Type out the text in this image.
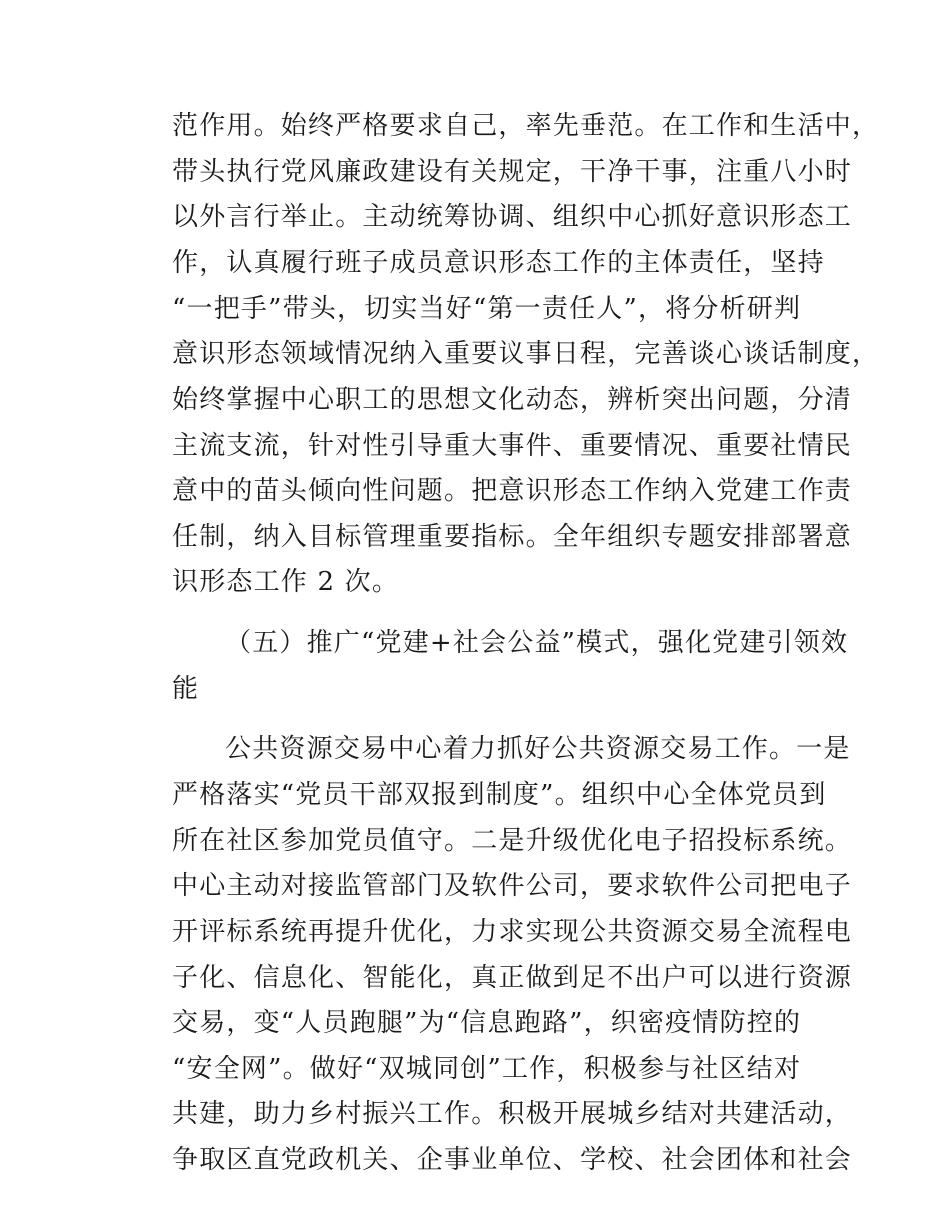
范作用。始终严格要求自己，率先垂范。在工作和生活中，
带头执行党风廉政建设有关规定，干净干事，注重八小时
以外言行举止。主动统筹协调、组织中心抓好意识形态工
作，认真履行班子成员意识形态工作的主体责任，坚持
“一把手”带头，切实当好“第一责任人”，将分析研判
意识形态领域情况纳入重要议事日程，完善谈心谈话制度，
始终掌握中心职工的思想文化动态，辨析突出问题，分清
主流支流，针对性引导重大事件、重要情况、重要社情民
意中的苗头倾向性问题。把意识形态工作纳入党建工作责
任制，纳入目标管理重要指标。全年组织专题安排部署意
识形态工作 2 次。
（五）推广“党建+社会公益”模式，强化党建引领效
能
公共资源交易中心着力抓好公共资源交易工作。一是
严格落实“党员干部双报到制度”。组织中心全体党员到
所在社区参加党员值守。二是升级优化电子招投标系统。
中心主动对接监管部门及软件公司，要求软件公司把电子
开评标系统再提升优化，力求实现公共资源交易全流程电
子化、信息化、智能化，真正做到足不出户可以进行资源
交易，变“人员跑腿”为“信息跑路”，织密疫情防控的
“安全网”。做好“双城同创”工作，积极参与社区结对
共建，助力乡村振兴工作。积极开展城乡结对共建活动，
争取区直党政机关、企事业单位、学校、社会团体和社会
